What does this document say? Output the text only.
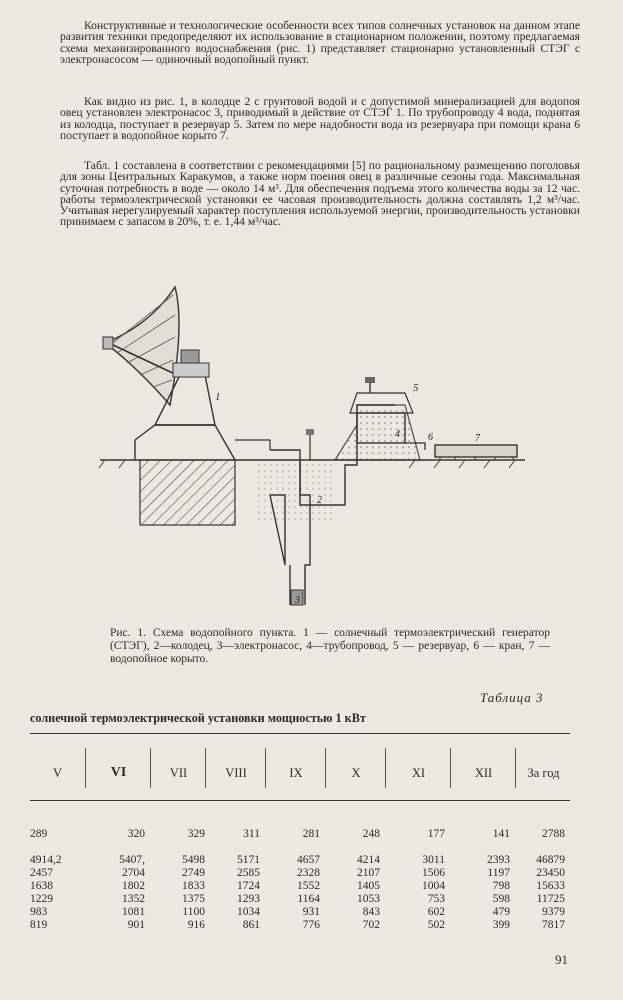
Конструктивные и технологические особенности всех типов солнечных установок на данном этапе развития техники предопределяют их использование в стационарном положении, поэтому предлагаемая схема механизированного водоснабжения (рис. 1) представляет стационарно установленный СТЭГ с электронасосом — одиночный водопойный пункт.

Как видно из рис. 1, в колодце 2 с грунтовой водой и с допустимой минерализацией для водопоя овец установлен электронасос 3, приводимый в действие от СТЭГ 1. По трубопроводу 4 вода, поднятая из колодца, поступает в резервуар 5. Затем по мере надобности вода из резервуара при помощи крана 6 поступает в водопойное корыто 7.

Табл. 1 составлена в соответствии с рекомендациями [5] по рациональному размещению поголовья для зоны Центральных Каракумов, а также норм поения овец в различные сезоны года. Максимальная суточная потребность в воде — около 14 м³. Для обеспечения подъема этого количества воды за 12 час. работы термоэлектрической установки ее часовая производительность должна составлять 1,2 м³/час. Учитывая нерегулируемый характер поступления используемой энергии, производительность установки принимаем с запасом в 20%, т. е. 1,44 м³/час.

1
3
2
5
6	7
Рис. 1. Схема водопойного пункта. 1 — солнечный термоэлектрический генератор (СТЭГ), 2—колодец, 3—электронасос, 4—трубопровод, 5 — резервуар, 6 — кран, 7 — водопойное корыто.
Таблица 3
солнечной термоэлектрической установки мощностью 1 кВт
V	VI	VII	VIII	IX	X	XI	XII	За год
289	320	329	311	281	248	177	141	2788
4914,2	5407,	5498	5171	4657	4214	3011	2393	46879
2457	2704	2749	2585	2328	2107	1506	1197	23450
1638	1802	1833	1724	1552	1405	1004	798	15633
1229	1352	1375	1293	1164	1053	753	598	11725
983	1081	1100	1034	931	843	602	479	9379
819	901	916	861	776	702	502	399	7817
91
